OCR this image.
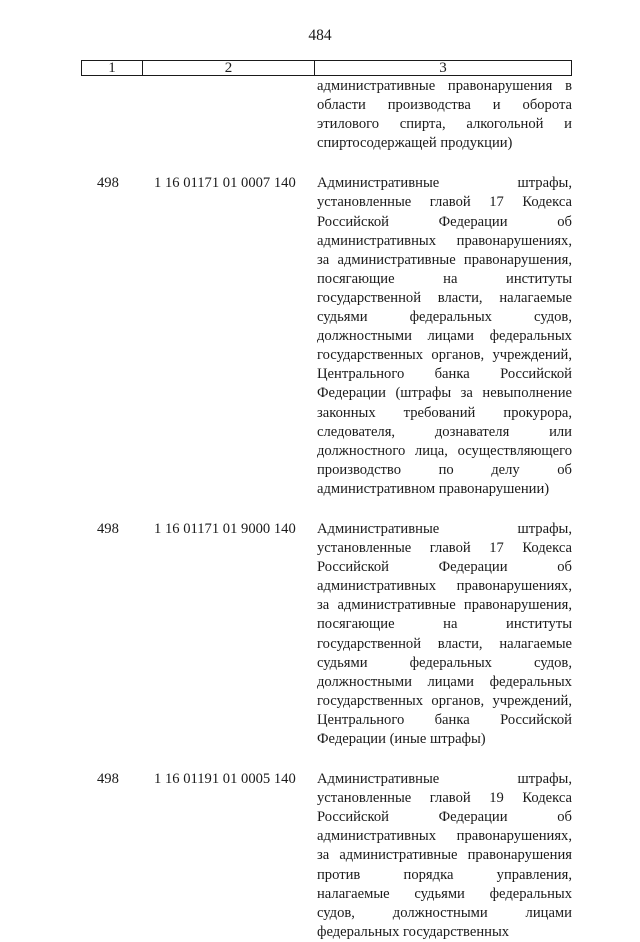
484
1	2	3
административные правонарушения в
области производства и оборота
этилового спирта, алкогольной и
спиртосодержащей продукции)
498	1 16 01171 01 0007 140	Административные	штрафы,
установленные главой 17 Кодекса
Российской	Федерации	об
административных правонарушениях,
за административные правонарушения,
посягающие	на	институты
государственной власти, налагаемые
судьями	федеральных	судов,
должностными лицами федеральных
государственных органов, учреждений,
Центрального банка Российской
Федерации (штрафы за невыполнение
законных требований прокурора,
следователя,	дознавателя	или
должностного лица, осуществляющего
производство	по	делу	об
административном правонарушении)
498	1 16 01171 01 9000 140	Административные	штрафы,
установленные главой 17 Кодекса
Российской	Федерации	об
административных правонарушениях,
за административные правонарушения,
посягающие	на	институты
государственной власти, налагаемые
судьями	федеральных	судов,
должностными лицами федеральных
государственных органов, учреждений,
Центрального банка Российской
Федерации (иные штрафы)
498	1 16 01191 01 0005 140	Административные	штрафы,
установленные главой 19 Кодекса
Российской	Федерации	об
административных правонарушениях,
за административные правонарушения
против	порядка	управления,
налагаемые судьями федеральных
судов,	должностными	лицами
федеральных государственных
